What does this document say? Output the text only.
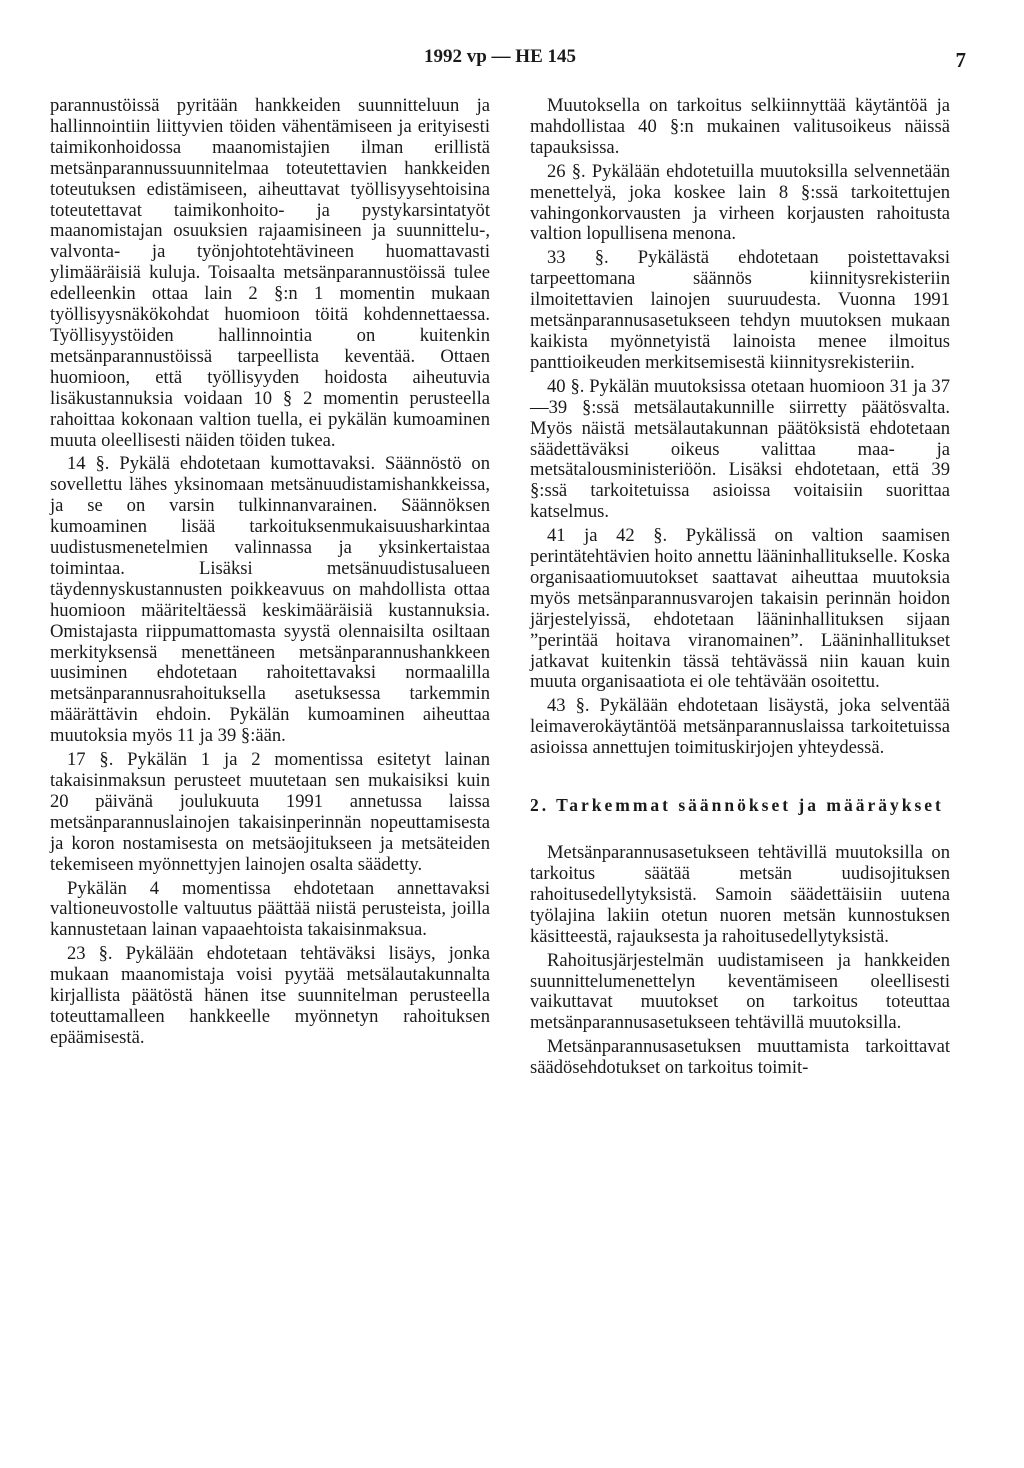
1992 vp — HE 145	7

parannustöissä pyritään hankkeiden suunnitteluun ja hallinnointiin liittyvien töiden vähentämiseen ja erityisesti taimikonhoidossa maanomistajien ilman erillistä metsänparannussuunnitelmaa toteutettavien hankkeiden toteutuksen edistämiseen, aiheuttavat työllisyysehtoisina toteutettavat taimikonhoito- ja pystykarsintatyöt maanomistajan osuuksien rajaamisineen ja suunnittelu-, valvonta- ja työnjohtotehtävineen huomattavasti ylimääräisiä kuluja. Toisaalta metsänparannustöissä tulee edelleenkin ottaa lain 2 §:n 1 momentin mukaan työllisyysnäkökohdat huomioon töitä kohdennettaessa. Työllisyystöiden hallinnointia on kuitenkin metsänparannustöissä tarpeellista keventää. Ottaen huomioon, että työllisyyden hoidosta aiheutuvia lisäkustannuksia voidaan 10 § 2 momentin perusteella rahoittaa kokonaan valtion tuella, ei pykälän kumoaminen muuta oleellisesti näiden töiden tukea.

14 §. Pykälä ehdotetaan kumottavaksi. Säännöstö on sovellettu lähes yksinomaan metsänuudistamishankkeissa, ja se on varsin tulkinnanvarainen. Säännöksen kumoaminen lisää tarkoituksenmukaisuusharkintaa uudistusmenetelmien valinnassa ja yksinkertaistaa toimintaa. Lisäksi metsänuudistusalueen täydennyskustannusten poikkeavuus on mahdollista ottaa huomioon määriteltäessä keskimääräisiä kustannuksia. Omistajasta riippumattomasta syystä olennaisilta osiltaan merkityksensä menettäneen metsänparannushankkeen uusiminen ehdotetaan rahoitettavaksi normaalilla metsänparannusrahoituksella asetuksessa tarkemmin määrättävin ehdoin. Pykälän kumoaminen aiheuttaa muutoksia myös 11 ja 39 §:ään.

17 §. Pykälän 1 ja 2 momentissa esitetyt lainan takaisinmaksun perusteet muutetaan sen mukaisiksi kuin 20 päivänä joulukuuta 1991 annetussa laissa metsänparannuslainojen takaisinperinnän nopeuttamisesta ja koron nostamisesta on metsäojitukseen ja metsäteiden tekemiseen myönnettyjen lainojen osalta säädetty.

Pykälän 4 momentissa ehdotetaan annettavaksi valtioneuvostolle valtuutus päättää niistä perusteista, joilla kannustetaan lainan vapaaehtoista takaisinmaksua.

23 §. Pykälään ehdotetaan tehtäväksi lisäys, jonka mukaan maanomistaja voisi pyytää metsälautakunnalta kirjallista päätöstä hänen itse suunnitelman perusteella toteuttamalleen hankkeelle myönnetyn rahoituksen epäämisestä.

Muutoksella on tarkoitus selkiinnyttää käytäntöä ja mahdollistaa 40 §:n mukainen valitusoikeus näissä tapauksissa.

26 §. Pykälään ehdotetuilla muutoksilla selvennetään menettelyä, joka koskee lain 8 §:ssä tarkoitettujen vahingonkorvausten ja virheen korjausten rahoitusta valtion lopullisena menona.

33 §. Pykälästä ehdotetaan poistettavaksi tarpeettomana säännös kiinnitysrekisteriin ilmoitettavien lainojen suuruudesta. Vuonna 1991 metsänparannusasetukseen tehdyn muutoksen mukaan kaikista myönnetyistä lainoista menee ilmoitus panttioikeuden merkitsemisestä kiinnitysrekisteriin.

40 §. Pykälän muutoksissa otetaan huomioon 31 ja 37—39 §:ssä metsälautakunnille siirretty päätösvalta. Myös näistä metsälautakunnan päätöksistä ehdotetaan säädettäväksi oikeus valittaa maa- ja metsätalousministeriöön. Lisäksi ehdotetaan, että 39 §:ssä tarkoitetuissa asioissa voitaisiin suorittaa katselmus.

41 ja 42 §. Pykälissä on valtion saamisen perintätehtävien hoito annettu lääninhallitukselle. Koska organisaatiomuutokset saattavat aiheuttaa muutoksia myös metsänparannusvarojen takaisin perinnän hoidon järjestelyissä, ehdotetaan lääninhallituksen sijaan ”perintää hoitava viranomainen”. Lääninhallitukset jatkavat kuitenkin tässä tehtävässä niin kauan kuin muuta organisaatiota ei ole tehtävään osoitettu.

43 §. Pykälään ehdotetaan lisäystä, joka selventää leimaverokäytäntöä metsänparannuslaissa tarkoitetuissa asioissa annettujen toimituskirjojen yhteydessä.

2. Tarkemmat säännökset ja määräykset

Metsänparannusasetukseen tehtävillä muutoksilla on tarkoitus säätää metsän uudisojituksen rahoitusedellytyksistä. Samoin säädettäisiin uutena työlajina lakiin otetun nuoren metsän kunnostuksen käsitteestä, rajauksesta ja rahoitusedellytyksistä.

Rahoitusjärjestelmän uudistamiseen ja hankkeiden suunnittelumenettelyn keventämiseen oleellisesti vaikuttavat muutokset on tarkoitus toteuttaa metsänparannusasetukseen tehtävillä muutoksilla.

Metsänparannusasetuksen muuttamista tarkoittavat säädösehdotukset on tarkoitus toimit-
